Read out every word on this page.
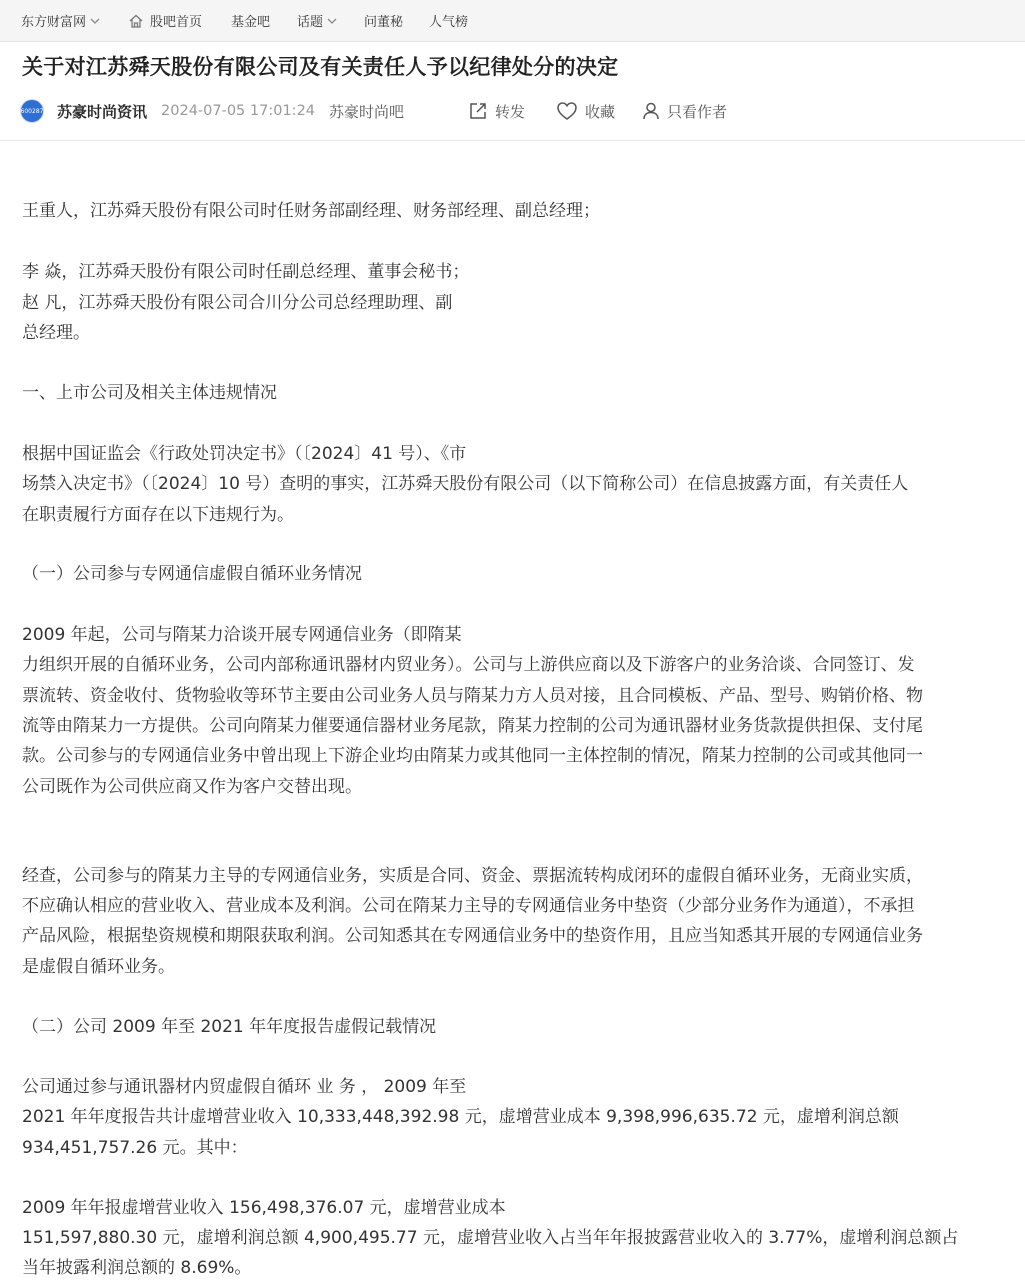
东方财富网	股吧首页 基金吧 话题	问董秘 人气榜
关于对江苏舜天股份有限公司及有关责任人予以纪律处分的决定
600287 苏豪时尚资讯 2024-07-05 17:01:24 苏豪时尚吧	转发	收藏	只看作者
王重人，江苏舜天股份有限公司时任财务部副经理、财务部经理、副总经理；
李 焱，江苏舜天股份有限公司时任副总经理、董事会秘书；
赵 凡，江苏舜天股份有限公司合川分公司总经理助理、副
总经理。
一、上市公司及相关主体违规情况
根据中国证监会《行政处罚决定书》（〔2024〕41 号）、《市
场禁入决定书》（〔2024〕10 号）查明的事实，江苏舜天股份有限公司（以下简称公司）在信息披露方面，有关责任人
在职责履行方面存在以下违规行为。
（一）公司参与专网通信虚假自循环业务情况
2009 年起，公司与隋某力洽谈开展专网通信业务（即隋某
力组织开展的自循环业务，公司内部称通讯器材内贸业务）。公司与上游供应商以及下游客户的业务洽谈、合同签订、发
票流转、资金收付、货物验收等环节主要由公司业务人员与隋某力方人员对接，且合同模板、产品、型号、购销价格、物
流等由隋某力一方提供。公司向隋某力催要通信器材业务尾款，隋某力控制的公司为通讯器材业务货款提供担保、支付尾
款。公司参与的专网通信业务中曾出现上下游企业均由隋某力或其他同一主体控制的情况，隋某力控制的公司或其他同一
公司既作为公司供应商又作为客户交替出现。
经查，公司参与的隋某力主导的专网通信业务，实质是合同、资金、票据流转构成闭环的虚假自循环业务，无商业实质，
不应确认相应的营业收入、营业成本及利润。公司在隋某力主导的专网通信业务中垫资（少部分业务作为通道），不承担
产品风险，根据垫资规模和期限获取利润。公司知悉其在专网通信业务中的垫资作用，且应当知悉其开展的专网通信业务
是虚假自循环业务。
（二）公司 2009 年至 2021 年年度报告虚假记载情况
公司通过参与通讯器材内贸虚假自循环 业 务 ， 2009 年至
2021 年年度报告共计虚增营业收入 10,333,448,392.98 元，虚增营业成本 9,398,996,635.72 元，虚增利润总额
934,451,757.26 元。其中：
2009 年年报虚增营业收入 156,498,376.07 元，虚增营业成本
151,597,880.30 元，虚增利润总额 4,900,495.77 元，虚增营业收入占当年年报披露营业收入的 3.77%，虚增利润总额占
当年披露利润总额的 8.69%。
